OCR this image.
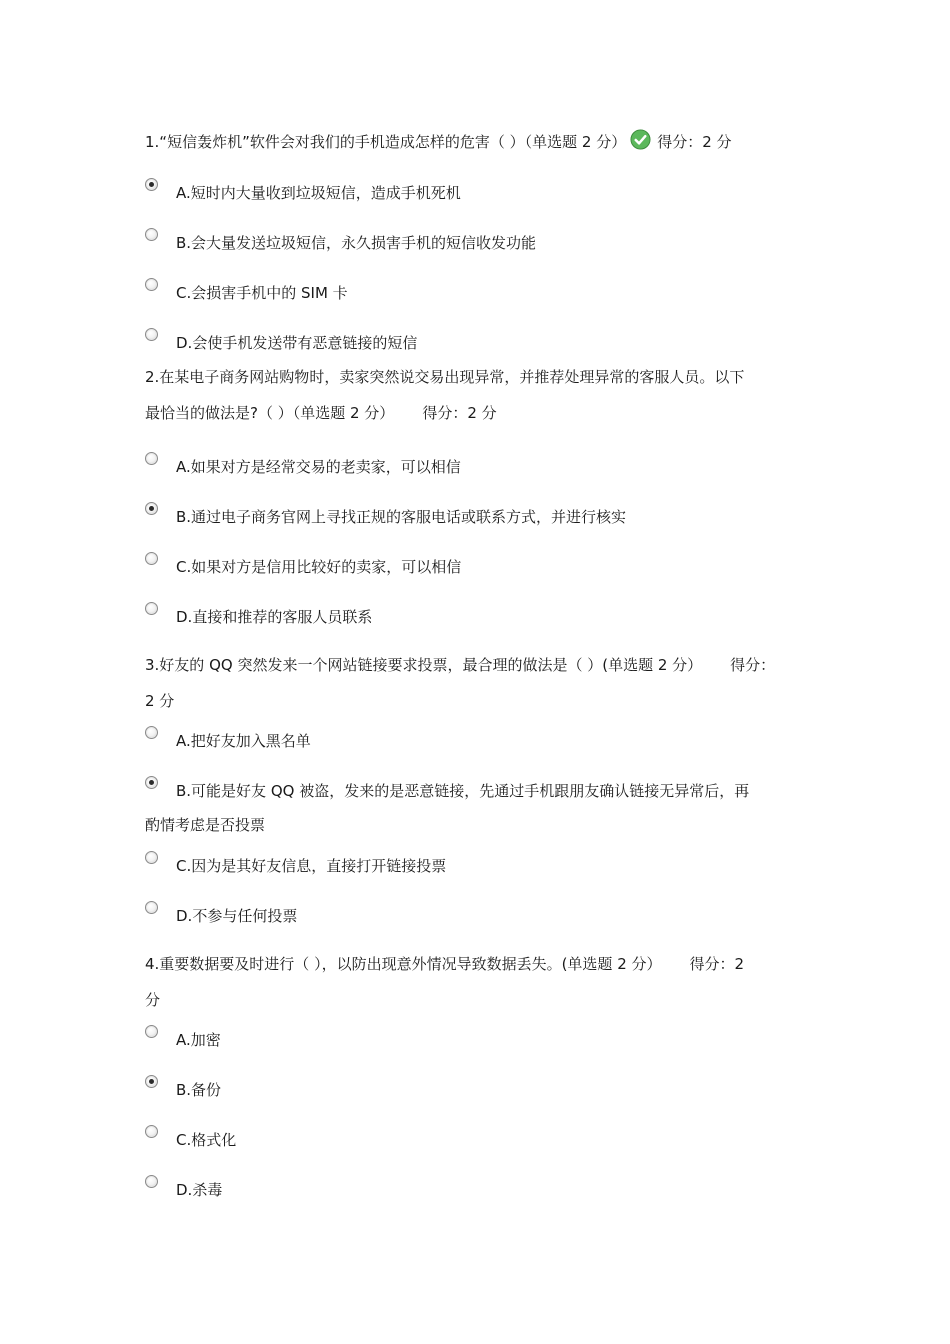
1.“短信轰炸机”软件会对我们的手机造成怎样的危害（ ）（单选题 2 分） 得分：2 分
A.短时内大量收到垃圾短信，造成手机死机
B.会大量发送垃圾短信，永久损害手机的短信收发功能
C.会损害手机中的 SIM 卡
D.会使手机发送带有恶意链接的短信
2.在某电子商务网站购物时，卖家突然说交易出现异常，并推荐处理异常的客服人员。以下
最恰当的做法是?（ ）（单选题 2 分） 得分：2 分
A.如果对方是经常交易的老卖家，可以相信
B.通过电子商务官网上寻找正规的客服电话或联系方式，并进行核实
C.如果对方是信用比较好的卖家，可以相信
D.直接和推荐的客服人员联系
3.好友的 QQ 突然发来一个网站链接要求投票，最合理的做法是（ ）(单选题 2 分） 得分：
2 分
A.把好友加入黑名单
B.可能是好友 QQ 被盗，发来的是恶意链接，先通过手机跟朋友确认链接无异常后，再
酌情考虑是否投票
C.因为是其好友信息，直接打开链接投票
D.不参与任何投票
4.重要数据要及时进行（ ），以防出现意外情况导致数据丢失。(单选题 2 分） 得分：2
分
A.加密
B.备份
C.格式化
D.杀毒
